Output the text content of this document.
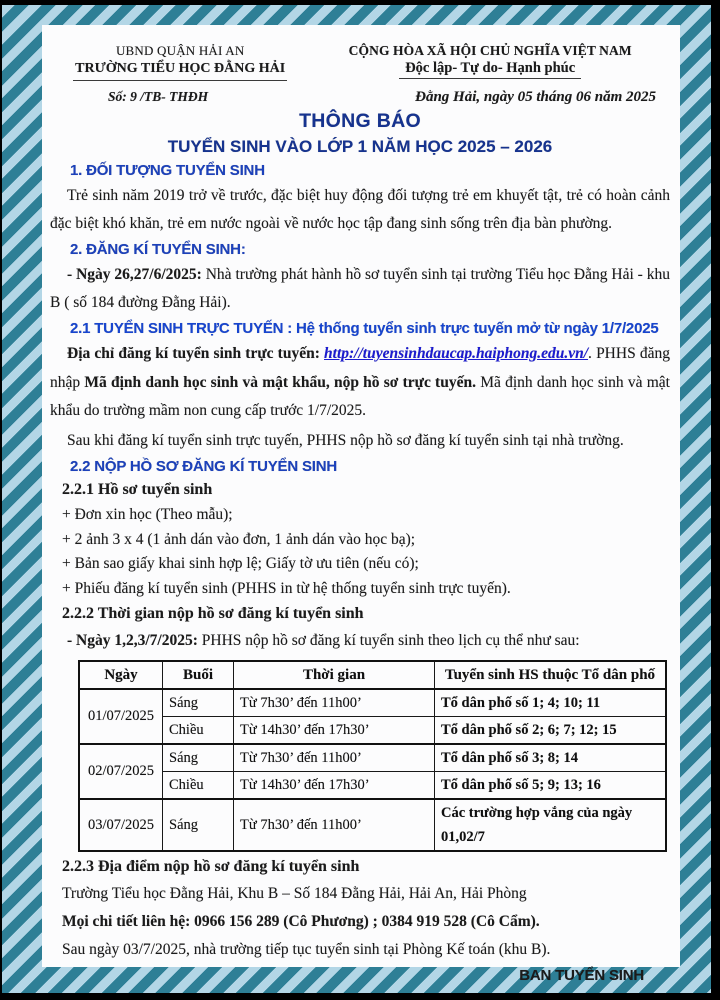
UBND QUẬN HẢI AN
TRƯỜNG TIỂU HỌC ĐẰNG HẢI
CỘNG HÒA XÃ HỘI CHỦ NGHĨA VIỆT NAM
Độc lập- Tự do- Hạnh phúc
Số: 9 /TB- THĐH	Đằng Hải, ngày 05 tháng 06 năm 2025
THÔNG BÁO
TUYỂN SINH VÀO LỚP 1 NĂM HỌC 2025 – 2026
1. ĐỐI TƯỢNG TUYỂN SINH

Trẻ sinh năm 2019 trở về trước, đặc biệt huy động đối tượng trẻ em khuyết tật, trẻ có hoàn cảnh đặc biệt khó khăn, trẻ em nước ngoài về nước học tập đang sinh sống trên địa bàn phường.

2. ĐĂNG KÍ TUYỂN SINH:

- Ngày 26,27/6/2025: Nhà trường phát hành hồ sơ tuyển sinh tại trường Tiểu học Đằng Hải - khu B ( số 184 đường Đằng Hải).

2.1 TUYỂN SINH TRỰC TUYẾN : Hệ thống tuyển sinh trực tuyến mở từ ngày 1/7/2025

Địa chỉ đăng kí tuyển sinh trực tuyến: http://tuyensinhdaucap.haiphong.edu.vn/. PHHS đăng nhập Mã định danh học sinh và mật khẩu, nộp hồ sơ trực tuyến. Mã định danh học sinh và mật khẩu do trường mầm non cung cấp trước 1/7/2025.

Sau khi đăng kí tuyển sinh trực tuyến, PHHS nộp hồ sơ đăng kí tuyển sinh tại nhà trường.

2.2 NỘP HỒ SƠ ĐĂNG KÍ TUYỂN SINH
2.2.1 Hồ sơ tuyển sinh
+ Đơn xin học (Theo mẫu);
+ 2 ảnh 3 x 4 (1 ảnh dán vào đơn, 1 ảnh dán vào học bạ);
+ Bản sao giấy khai sinh hợp lệ; Giấy tờ ưu tiên (nếu có);
+ Phiếu đăng kí tuyển sinh (PHHS in từ hệ thống tuyển sinh trực tuyến).
2.2.2 Thời gian nộp hồ sơ đăng kí tuyển sinh

- Ngày 1,2,3/7/2025: PHHS nộp hồ sơ đăng kí tuyển sinh theo lịch cụ thể như sau:

Ngày	Buổi	Thời gian	Tuyển sinh HS thuộc Tổ dân phố
01/07/2025	Sáng	Từ 7h30’ đến 11h00’	Tổ dân phố số 1; 4; 10; 11
	Chiều	Từ 14h30’ đến 17h30’	Tổ dân phố số 2; 6; 7; 12; 15
02/07/2025	Sáng	Từ 7h30’ đến 11h00’	Tổ dân phố số 3; 8; 14
	Chiều	Từ 14h30’ đến 17h30’	Tổ dân phố số 5; 9; 13; 16
03/07/2025	Sáng	Từ 7h30’ đến 11h00’	Các trường hợp vắng của ngày 01,02/7
2.2.3 Địa điểm nộp hồ sơ đăng kí tuyển sinh
Trường Tiểu học Đằng Hải, Khu B – Số 184 Đằng Hải, Hải An, Hải Phòng
Mọi chi tiết liên hệ: 0966 156 289 (Cô Phương) ; 0384 919 528 (Cô Cẩm).
Sau ngày 03/7/2025, nhà trường tiếp tục tuyển sinh tại Phòng Kế toán (khu B).
BAN TUYỂN SINH
